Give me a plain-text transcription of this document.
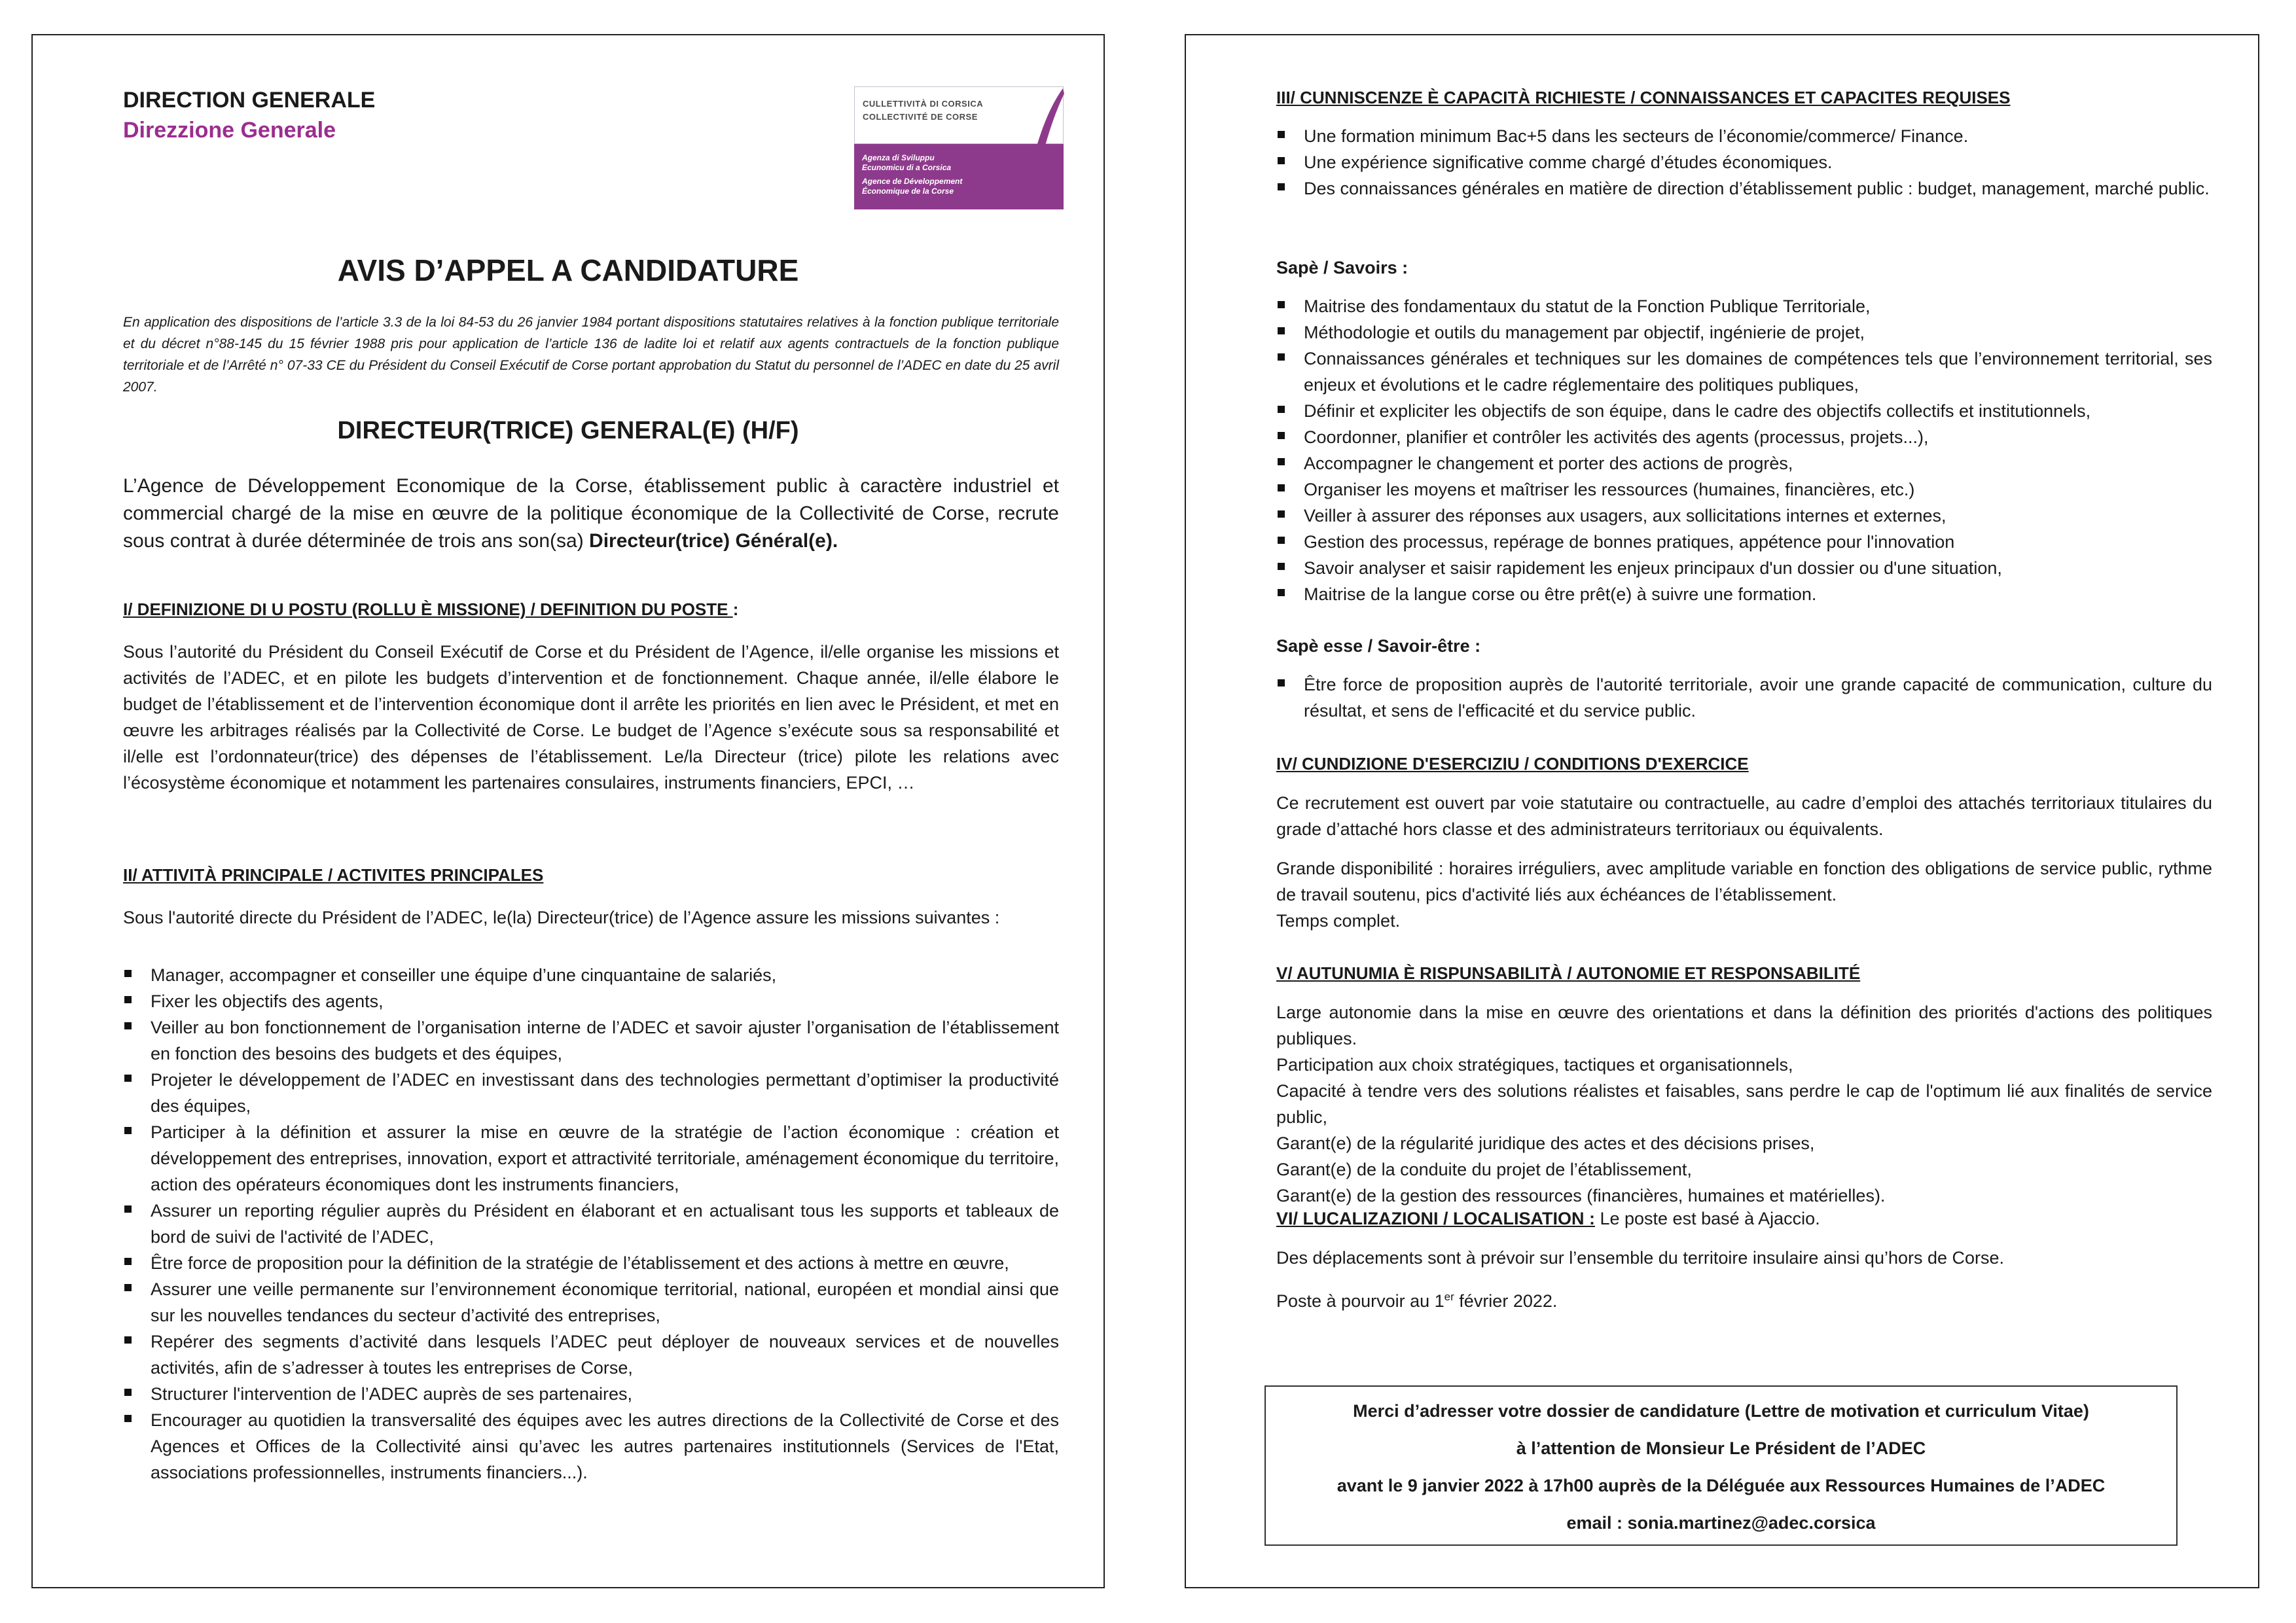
DIRECTION GENERALE
Direzzione Generale
CULLETTIVITÀ DI CORSICA
COLLECTIVITÉ DE CORSE
Agenza di Sviluppu
Ecunomicu di a Corsica
Agence de Développement
Économique de la Corse
AVIS D’APPEL A CANDIDATURE
En application des dispositions de l’article 3.3 de la loi 84-53 du 26 janvier 1984 portant dispositions statutaires relatives à la fonction publique territoriale et du décret n°88-145 du 15 février 1988 pris pour application de l’article 136 de ladite loi et relatif aux agents contractuels de la fonction publique territoriale et de l’Arrêté n° 07-33 CE du Président du Conseil Exécutif de Corse portant approbation du Statut du personnel de l’ADEC en date du 25 avril 2007.
DIRECTEUR(TRICE) GENERAL(E) (H/F)
L’Agence de Développement Economique de la Corse, établissement public à caractère industriel et commercial chargé de la mise en œuvre de la politique économique de la Collectivité de Corse, recrute sous contrat à durée déterminée de trois ans son(sa) Directeur(trice) Général(e).
I/ DEFINIZIONE DI U POSTU (ROLLU È MISSIONE) / DEFINITION DU POSTE :
Sous l’autorité du Président du Conseil Exécutif de Corse et du Président de l’Agence, il/elle organise les missions et activités de l’ADEC, et en pilote les budgets d’intervention et de fonctionnement. Chaque année, il/elle élabore le budget de l’établissement et de l’intervention économique dont il arrête les priorités en lien avec le Président, et met en œuvre les arbitrages réalisés par la Collectivité de Corse. Le budget de l’Agence s’exécute sous sa responsabilité et il/elle est l’ordonnateur(trice) des dépenses de l’établissement. Le/la Directeur (trice) pilote les relations avec l’écosystème économique et notamment les partenaires consulaires, instruments financiers, EPCI, …
II/ ATTIVITÀ PRINCIPALE / ACTIVITES PRINCIPALES
Sous l'autorité directe du Président de l’ADEC, le(la) Directeur(trice) de l’Agence assure les missions suivantes :
Manager, accompagner et conseiller une équipe d’une cinquantaine de salariés,
Fixer les objectifs des agents,
Veiller au bon fonctionnement de l’organisation interne de l’ADEC et savoir ajuster l’organisation de l’établissement en fonction des besoins des budgets et des équipes,
Projeter le développement de l’ADEC en investissant dans des technologies permettant d’optimiser la productivité des équipes,
Participer à la définition et assurer la mise en œuvre de la stratégie de l’action économique : création et développement des entreprises, innovation, export et attractivité territoriale, aménagement économique du territoire, action des opérateurs économiques dont les instruments financiers,
Assurer un reporting régulier auprès du Président en élaborant et en actualisant tous les supports et tableaux de bord de suivi de l'activité de l’ADEC,
Être force de proposition pour la définition de la stratégie de l’établissement et des actions à mettre en œuvre,
Assurer une veille permanente sur l’environnement économique territorial, national, européen et mondial ainsi que sur les nouvelles tendances du secteur d’activité des entreprises,
Repérer des segments d’activité dans lesquels l’ADEC peut déployer de nouveaux services et de nouvelles activités, afin de s’adresser à toutes les entreprises de Corse,
Structurer l'intervention de l’ADEC auprès de ses partenaires,
Encourager au quotidien la transversalité des équipes avec les autres directions de la Collectivité de Corse et des Agences et Offices de la Collectivité ainsi qu’avec les autres partenaires institutionnels (Services de l'Etat, associations professionnelles, instruments financiers...).
III/ CUNNISCENZE È CAPACITÀ RICHIESTE / CONNAISSANCES ET CAPACITES REQUISES
Une formation minimum Bac+5 dans les secteurs de l’économie/commerce/ Finance.
Une expérience significative comme chargé d’études économiques.
Des connaissances générales en matière de direction d’établissement public : budget, management, marché public.
Sapè / Savoirs :
Maitrise des fondamentaux du statut de la Fonction Publique Territoriale,
Méthodologie et outils du management par objectif, ingénierie de projet,
Connaissances générales et techniques sur les domaines de compétences tels que l’environnement territorial, ses enjeux et évolutions et le cadre réglementaire des politiques publiques,
Définir et expliciter les objectifs de son équipe, dans le cadre des objectifs collectifs et institutionnels,
Coordonner, planifier et contrôler les activités des agents (processus, projets...),
Accompagner le changement et porter des actions de progrès,
Organiser les moyens et maîtriser les ressources (humaines, financières, etc.)
Veiller à assurer des réponses aux usagers, aux sollicitations internes et externes,
Gestion des processus, repérage de bonnes pratiques, appétence pour l'innovation
Savoir analyser et saisir rapidement les enjeux principaux d'un dossier ou d'une situation,
Maitrise de la langue corse ou être prêt(e) à suivre une formation.
Sapè esse / Savoir-être :
Être force de proposition auprès de l'autorité territoriale, avoir une grande capacité de communication, culture du résultat, et sens de l'efficacité et du service public.
IV/ CUNDIZIONE D'ESERCIZIU / CONDITIONS D'EXERCICE
Ce recrutement est ouvert par voie statutaire ou contractuelle, au cadre d’emploi des attachés territoriaux titulaires du grade d’attaché hors classe et des administrateurs territoriaux ou équivalents.
Grande disponibilité : horaires irréguliers, avec amplitude variable en fonction des obligations de service public, rythme de travail soutenu, pics d'activité liés aux échéances de l’établissement.
Temps complet.
V/ AUTUNUMIA È RISPUNSABILITÀ / AUTONOMIE ET RESPONSABILITÉ
Large autonomie dans la mise en œuvre des orientations et dans la définition des priorités d'actions des politiques publiques.
Participation aux choix stratégiques, tactiques et organisationnels,
Capacité à tendre vers des solutions réalistes et faisables, sans perdre le cap de l'optimum lié aux finalités de service public,
Garant(e) de la régularité juridique des actes et des décisions prises,
Garant(e) de la conduite du projet de l’établissement,
Garant(e) de la gestion des ressources (financières, humaines et matérielles).
VI/ LUCALIZAZIONI / LOCALISATION : Le poste est basé à Ajaccio.
Des déplacements sont à prévoir sur l’ensemble du territoire insulaire ainsi qu’hors de Corse.
Poste à pourvoir au 1er février 2022.
Merci d’adresser votre dossier de candidature (Lettre de motivation et curriculum Vitae)
à l’attention de Monsieur Le Président de l’ADEC
avant le 9 janvier 2022 à 17h00 auprès de la Déléguée aux Ressources Humaines de l’ADEC
email : sonia.martinez@adec.corsica
